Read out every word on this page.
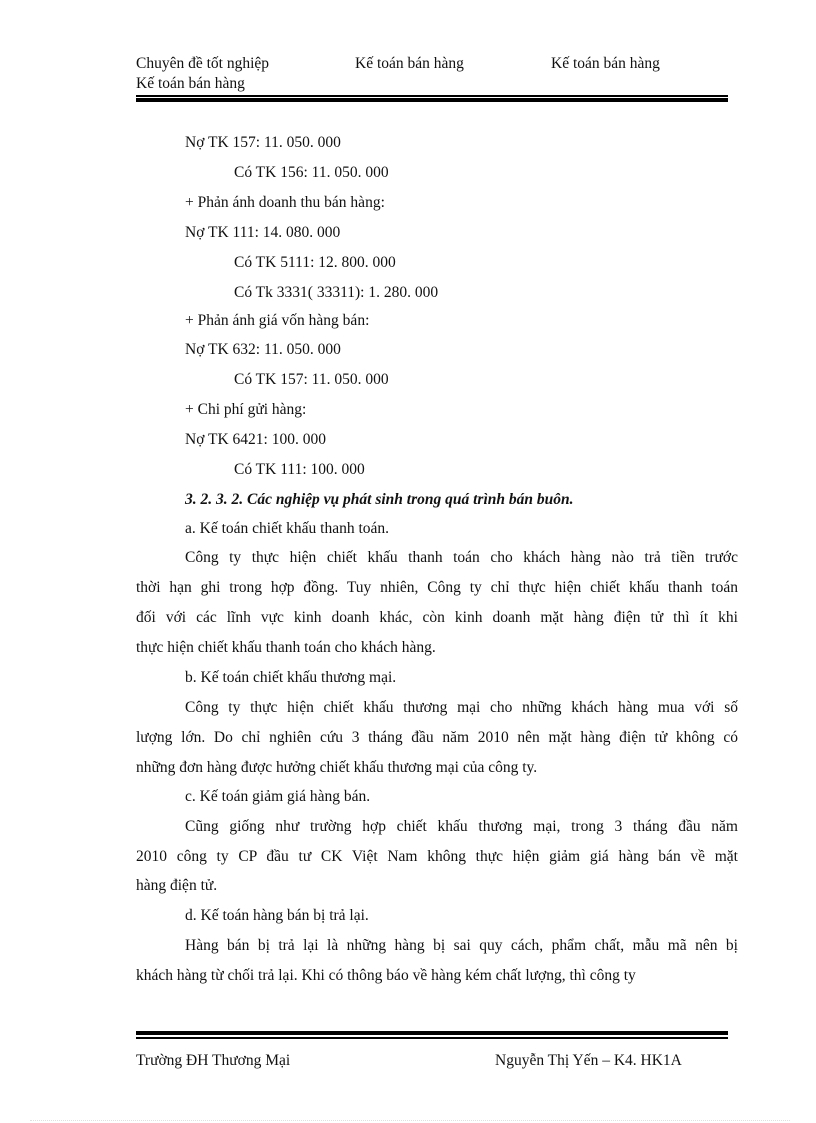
Chuyên đề tốt nghiệp	Kế toán bán hàng	Kế toán bán hàng
Kế toán bán hàng
Nợ TK 157: 11. 050. 000
Có TK 156: 11. 050. 000
+ Phản ánh doanh thu bán hàng:
Nợ TK 111: 14. 080. 000
Có TK 5111: 12. 800. 000
Có Tk 3331( 33311): 1. 280. 000
+ Phản ánh giá vốn hàng bán:
Nợ TK 632: 11. 050. 000
Có TK 157: 11. 050. 000
+ Chi phí gửi hàng:
Nợ TK 6421: 100. 000
Có TK 111: 100. 000
3. 2. 3. 2. Các nghiệp vụ phát sinh trong quá trình bán buôn.
a. Kế toán chiết khấu thanh toán.
Công ty thực hiện chiết khấu thanh toán cho khách hàng nào trả tiền trước
thời hạn ghi trong hợp đồng. Tuy nhiên, Công ty chỉ thực hiện chiết khấu thanh toán
đối với các lĩnh vực kinh doanh khác, còn kinh doanh mặt hàng điện tử thì ít khi
thực hiện chiết khấu thanh toán cho khách hàng.
b. Kế toán chiết khấu thương mại.
Công ty thực hiện chiết khấu thương mại cho những khách hàng mua với số
lượng lớn. Do chỉ nghiên cứu 3 tháng đầu năm 2010 nên mặt hàng điện tử không có
những đơn hàng được hưởng chiết khấu thương mại của công ty.
c. Kế toán giảm giá hàng bán.
Cũng giống như trường hợp chiết khấu thương mại, trong 3 tháng đầu năm
2010 công ty CP đầu tư CK Việt Nam không thực hiện giảm giá hàng bán về mặt
hàng điện tử.
d. Kế toán hàng bán bị trả lại.
Hàng bán bị trả lại là những hàng bị sai quy cách, phẩm chất, mẫu mã nên bị
khách hàng từ chối trả lại. Khi có thông báo về hàng kém chất lượng, thì công ty
Trường ĐH Thương Mại	Nguyễn Thị Yến – K4. HK1A
